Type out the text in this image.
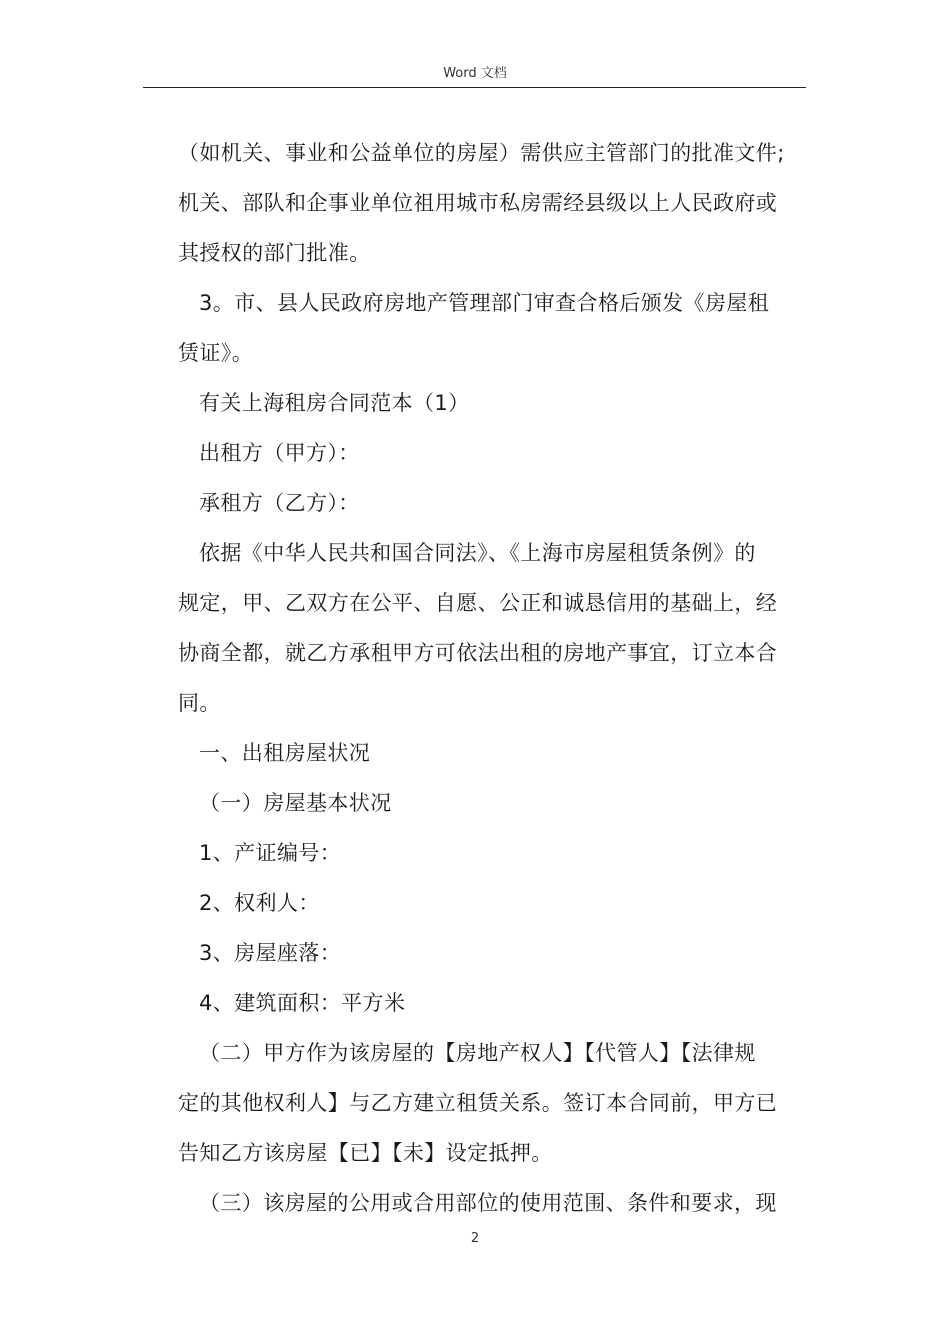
Word 文档
（如机关、事业和公益单位的房屋）需供应主管部门的批准文件;
机关、部队和企事业单位祖用城市私房需经县级以上人民政府或
其授权的部门批准。
3。市、县人民政府房地产管理部门审查合格后颁发《房屋租
赁证》。
有关上海租房合同范本（1）
出租方（甲方）：
承租方（乙方）：
依据《中华人民共和国合同法》、《上海市房屋租赁条例》的
规定，甲、乙双方在公平、自愿、公正和诚恳信用的基础上，经
协商全都，就乙方承租甲方可依法出租的房地产事宜，订立本合
同。
一、出租房屋状况
（一）房屋基本状况
1、产证编号：
2、权利人：
3、房屋座落：
4、建筑面积：平方米
（二）甲方作为该房屋的【房地产权人】【代管人】【法律规
定的其他权利人】与乙方建立租赁关系。签订本合同前，甲方已
告知乙方该房屋【已】【未】设定抵押。
（三）该房屋的公用或合用部位的使用范围、条件和要求，现
2
